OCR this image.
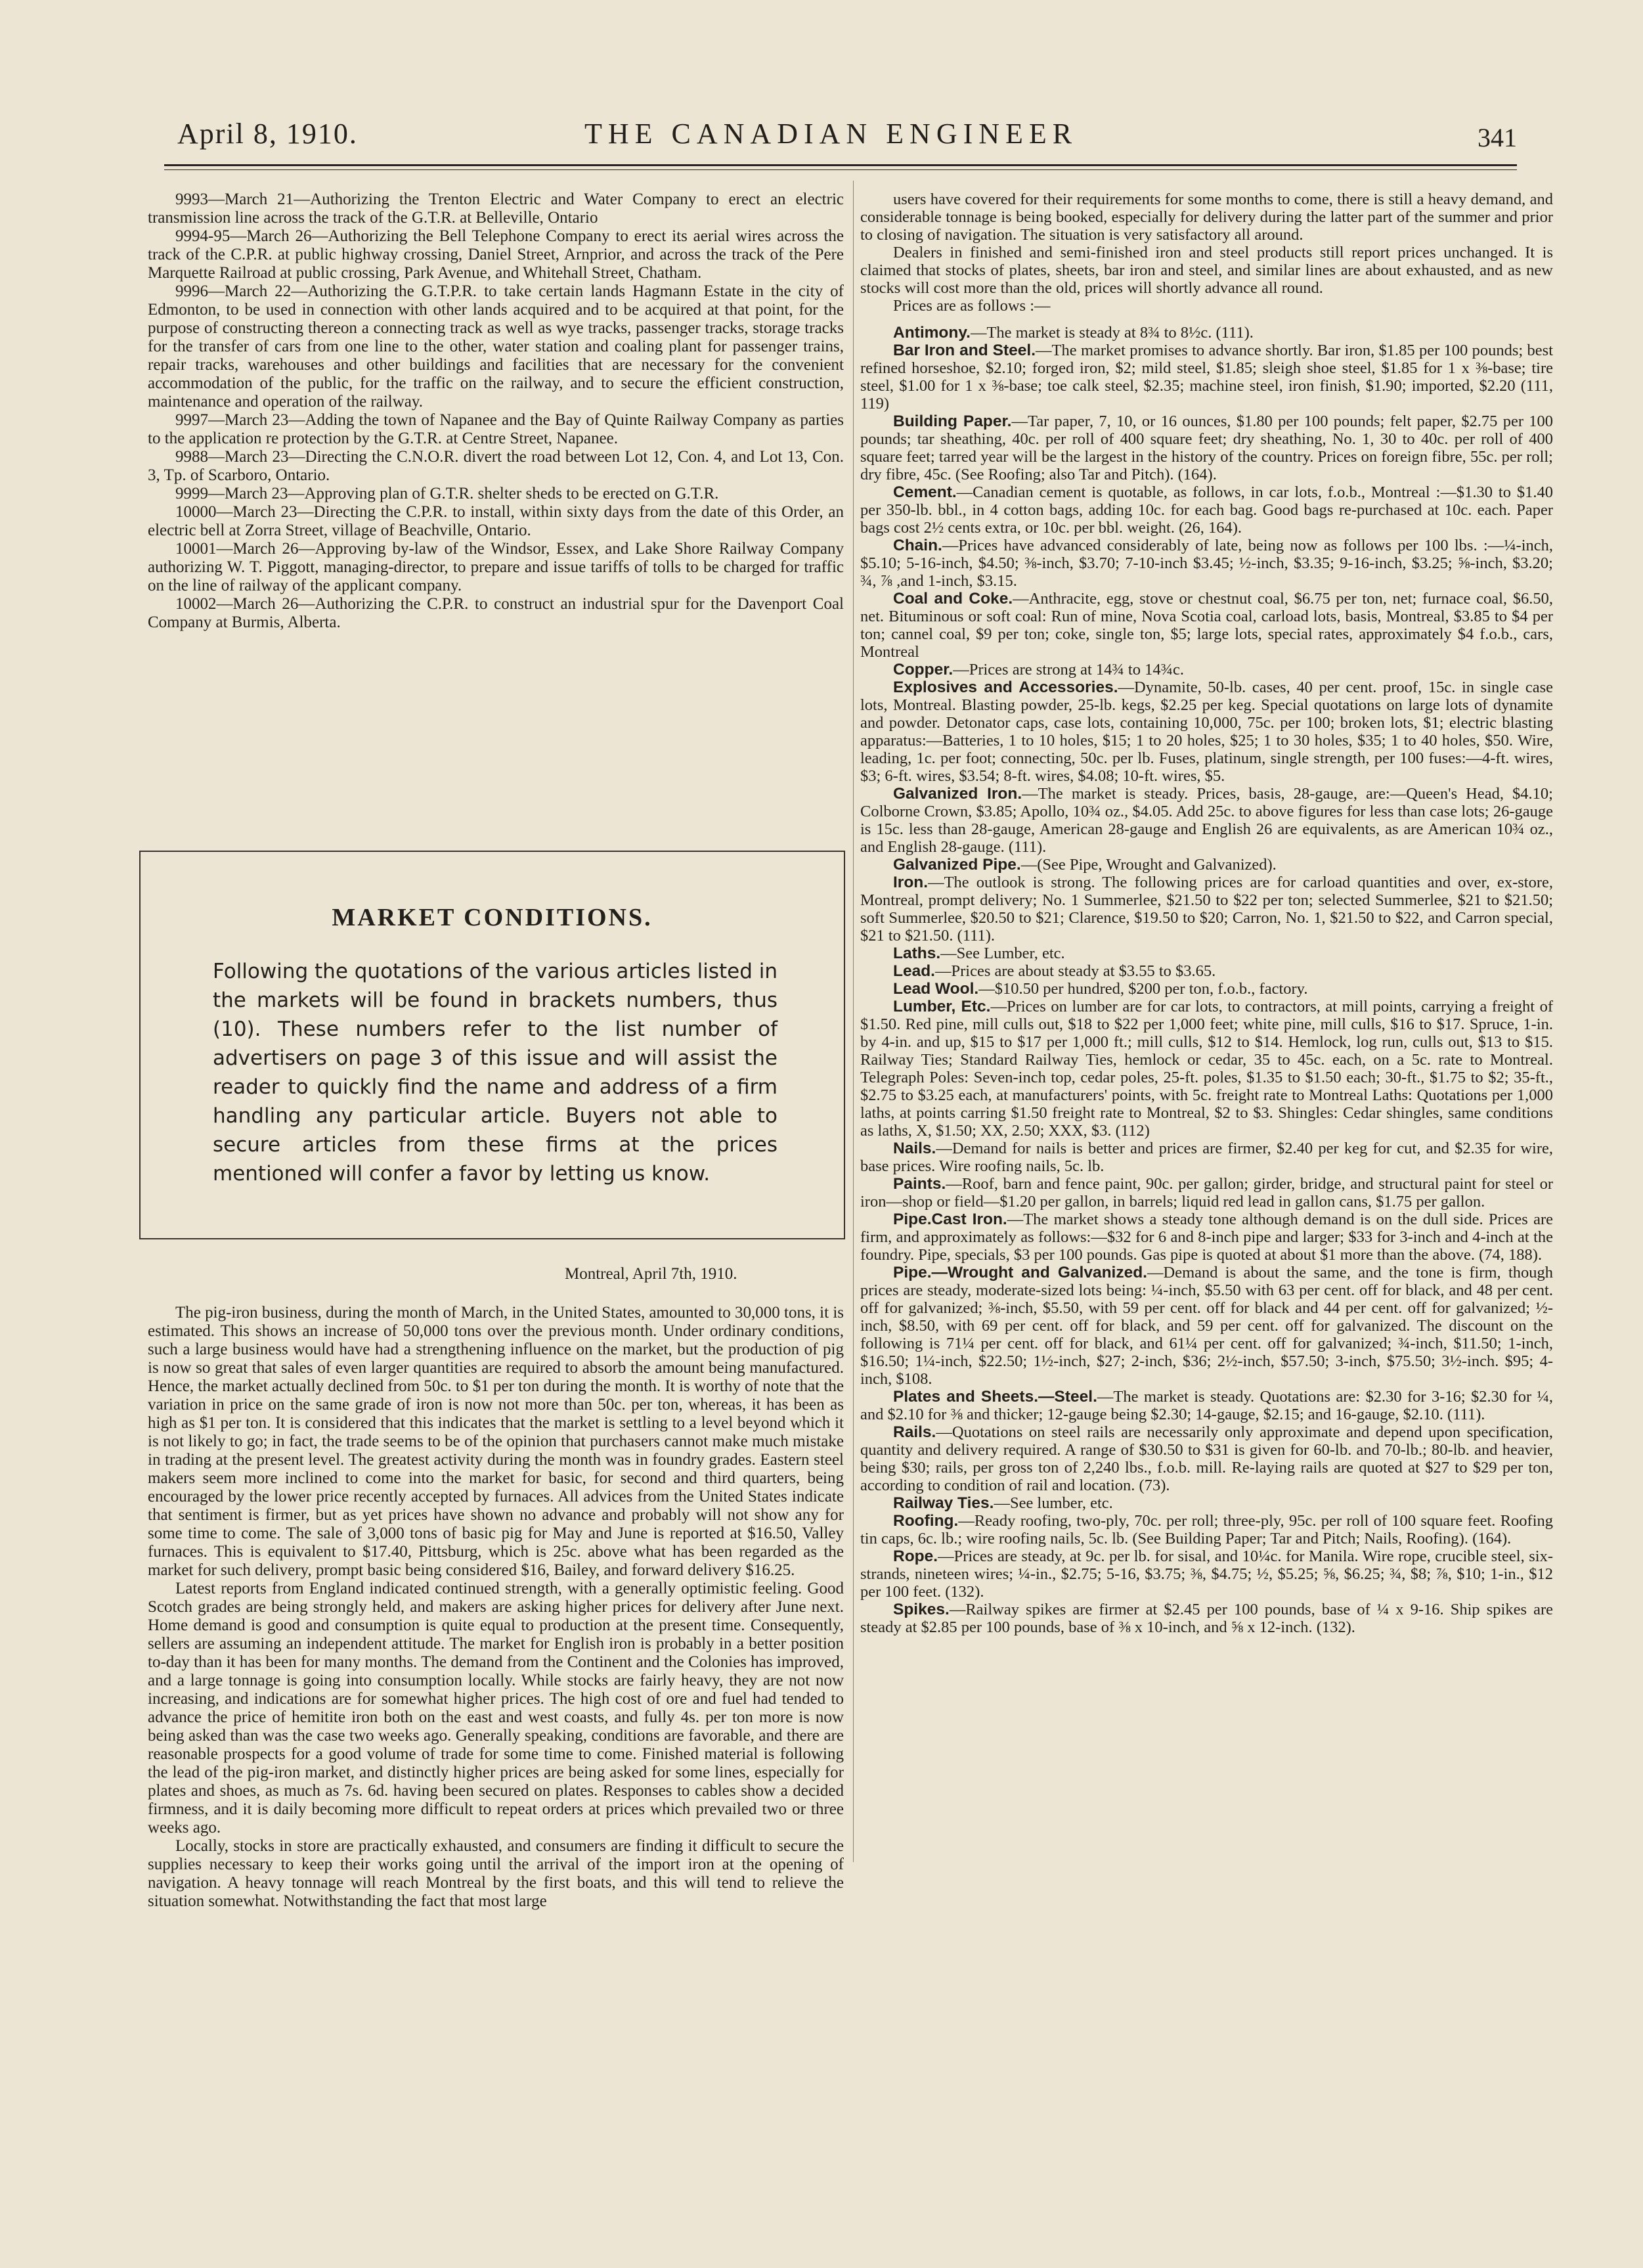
April 8, 1910.	THE CANADIAN ENGINEER	341

9993—March 21—Authorizing the Trenton Electric and Water Company to erect an electric transmission line across the track of the G.T.R. at Belleville, Ontario

9994-95—March 26—Authorizing the Bell Telephone Company to erect its aerial wires across the track of the C.P.R. at public highway crossing, Daniel Street, Arnprior, and across the track of the Pere Marquette Railroad at public crossing, Park Avenue, and Whitehall Street, Chatham.

9996—March 22—Authorizing the G.T.P.R. to take certain lands Hagmann Estate in the city of Edmonton, to be used in connection with other lands acquired and to be acquired at that point, for the purpose of constructing thereon a connecting track as well as wye tracks, passenger tracks, storage tracks for the transfer of cars from one line to the other, water station and coaling plant for passenger trains, repair tracks, warehouses and other buildings and facilities that are necessary for the convenient accommodation of the public, for the traffic on the railway, and to secure the efficient construction, maintenance and operation of the railway.

9997—March 23—Adding the town of Napanee and the Bay of Quinte Railway Company as parties to the application re protection by the G.T.R. at Centre Street, Napanee.

9988—March 23—Directing the C.N.O.R. divert the road between Lot 12, Con. 4, and Lot 13, Con. 3, Tp. of Scarboro, Ontario.

9999—March 23—Approving plan of G.T.R. shelter sheds to be erected on G.T.R.

10000—March 23—Directing the C.P.R. to install, within sixty days from the date of this Order, an electric bell at Zorra Street, village of Beachville, Ontario.

10001—March 26—Approving by-law of the Windsor, Essex, and Lake Shore Railway Company authorizing W. T. Piggott, managing-director, to prepare and issue tariffs of tolls to be charged for traffic on the line of railway of the applicant company.

10002—March 26—Authorizing the C.P.R. to construct an industrial spur for the Davenport Coal Company at Burmis, Alberta.

MARKET CONDITIONS.
Following the quotations of the various articles listed in the markets will be found in brackets numbers, thus (10). These numbers refer to the list number of advertisers on page 3 of this issue and will assist the reader to quickly find the name and address of a firm handling any particular article. Buyers not able to secure articles from these firms at the prices mentioned will confer a favor by letting us know.
Montreal, April 7th, 1910.

The pig-iron business, during the month of March, in the United States, amounted to 30,000 tons, it is estimated. This shows an increase of 50,000 tons over the previous month. Under ordinary conditions, such a large business would have had a strengthening influence on the market, but the production of pig is now so great that sales of even larger quantities are required to absorb the amount being manufactured. Hence, the market actually declined from 50c. to $1 per ton during the month. It is worthy of note that the variation in price on the same grade of iron is now not more than 50c. per ton, whereas, it has been as high as $1 per ton. It is considered that this indicates that the market is settling to a level beyond which it is not likely to go; in fact, the trade seems to be of the opinion that purchasers cannot make much mistake in trading at the present level. The greatest activity during the month was in foundry grades. Eastern steel makers seem more inclined to come into the market for basic, for second and third quarters, being encouraged by the lower price recently accepted by furnaces. All advices from the United States indicate that sentiment is firmer, but as yet prices have shown no advance and probably will not show any for some time to come. The sale of 3,000 tons of basic pig for May and June is reported at $16.50, Valley furnaces. This is equivalent to $17.40, Pittsburg, which is 25c. above what has been regarded as the market for such delivery, prompt basic being considered $16, Bailey, and forward delivery $16.25.

Latest reports from England indicated continued strength, with a generally optimistic feeling. Good Scotch grades are being strongly held, and makers are asking higher prices for delivery after June next. Home demand is good and consumption is quite equal to production at the present time. Consequently, sellers are assuming an independent attitude. The market for English iron is probably in a better position to-day than it has been for many months. The demand from the Continent and the Colonies has improved, and a large tonnage is going into consumption locally. While stocks are fairly heavy, they are not now increasing, and indications are for somewhat higher prices. The high cost of ore and fuel had tended to advance the price of hemitite iron both on the east and west coasts, and fully 4s. per ton more is now being asked than was the case two weeks ago. Generally speaking, conditions are favorable, and there are reasonable prospects for a good volume of trade for some time to come. Finished material is following the lead of the pig-iron market, and distinctly higher prices are being asked for some lines, especially for plates and shoes, as much as 7s. 6d. having been secured on plates. Responses to cables show a decided firmness, and it is daily becoming more difficult to repeat orders at prices which prevailed two or three weeks ago.

Locally, stocks in store are practically exhausted, and consumers are finding it difficult to secure the supplies necessary to keep their works going until the arrival of the import iron at the opening of navigation. A heavy tonnage will reach Montreal by the first boats, and this will tend to relieve the situation somewhat. Notwithstanding the fact that most large

users have covered for their requirements for some months to come, there is still a heavy demand, and considerable tonnage is being booked, especially for delivery during the latter part of the summer and prior to closing of navigation. The situation is very satisfactory all around.

Dealers in finished and semi-finished iron and steel products still report prices unchanged. It is claimed that stocks of plates, sheets, bar iron and steel, and similar lines are about exhausted, and as new stocks will cost more than the old, prices will shortly advance all round.

Prices are as follows :—

Antimony.—The market is steady at 8¾ to 8½c. (111).

Bar Iron and Steel.—The market promises to advance shortly. Bar iron, $1.85 per 100 pounds; best refined horseshoe, $2.10; forged iron, $2; mild steel, $1.85; sleigh shoe steel, $1.85 for 1 x ⅜-base; tire steel, $1.00 for 1 x ⅜-base; toe calk steel, $2.35; machine steel, iron finish, $1.90; imported, $2.20 (111, 119)

Building Paper.—Tar paper, 7, 10, or 16 ounces, $1.80 per 100 pounds; felt paper, $2.75 per 100 pounds; tar sheathing, 40c. per roll of 400 square feet; dry sheathing, No. 1, 30 to 40c. per roll of 400 square feet; tarred year will be the largest in the history of the country. Prices on foreign fibre, 55c. per roll; dry fibre, 45c. (See Roofing; also Tar and Pitch). (164).

Cement.—Canadian cement is quotable, as follows, in car lots, f.o.b., Montreal :—$1.30 to $1.40 per 350-lb. bbl., in 4 cotton bags, adding 10c. for each bag. Good bags re-purchased at 10c. each. Paper bags cost 2½ cents extra, or 10c. per bbl. weight. (26, 164).

Chain.—Prices have advanced considerably of late, being now as follows per 100 lbs. :—¼-inch, $5.10; 5-16-inch, $4.50; ⅜-inch, $3.70; 7-10-inch $3.45; ½-inch, $3.35; 9-16-inch, $3.25; ⅝-inch, $3.20; ¾, ⅞ ,and 1-inch, $3.15.

Coal and Coke.—Anthracite, egg, stove or chestnut coal, $6.75 per ton, net; furnace coal, $6.50, net. Bituminous or soft coal: Run of mine, Nova Scotia coal, carload lots, basis, Montreal, $3.85 to $4 per ton; cannel coal, $9 per ton; coke, single ton, $5; large lots, special rates, approximately $4 f.o.b., cars, Montreal

Copper.—Prices are strong at 14¾ to 14¾c.

Explosives and Accessories.—Dynamite, 50-lb. cases, 40 per cent. proof, 15c. in single case lots, Montreal. Blasting powder, 25-lb. kegs, $2.25 per keg. Special quotations on large lots of dynamite and powder. Detonator caps, case lots, containing 10,000, 75c. per 100; broken lots, $1; electric blasting apparatus:—Batteries, 1 to 10 holes, $15; 1 to 20 holes, $25; 1 to 30 holes, $35; 1 to 40 holes, $50. Wire, leading, 1c. per foot; connecting, 50c. per lb. Fuses, platinum, single strength, per 100 fuses:—4-ft. wires, $3; 6-ft. wires, $3.54; 8-ft. wires, $4.08; 10-ft. wires, $5.

Galvanized Iron.—The market is steady. Prices, basis, 28-gauge, are:—Queen's Head, $4.10; Colborne Crown, $3.85; Apollo, 10¾ oz., $4.05. Add 25c. to above figures for less than case lots; 26-gauge is 15c. less than 28-gauge, American 28-gauge and English 26 are equivalents, as are American 10¾ oz., and English 28-gauge. (111).

Galvanized Pipe.—(See Pipe, Wrought and Galvanized).

Iron.—The outlook is strong. The following prices are for carload quantities and over, ex-store, Montreal, prompt delivery; No. 1 Summerlee, $21.50 to $22 per ton; selected Summerlee, $21 to $21.50; soft Summerlee, $20.50 to $21; Clarence, $19.50 to $20; Carron, No. 1, $21.50 to $22, and Carron special, $21 to $21.50. (111).

Laths.—See Lumber, etc.

Lead.—Prices are about steady at $3.55 to $3.65.

Lead Wool.—$10.50 per hundred, $200 per ton, f.o.b., factory.

Lumber, Etc.—Prices on lumber are for car lots, to contractors, at mill points, carrying a freight of $1.50. Red pine, mill culls out, $18 to $22 per 1,000 feet; white pine, mill culls, $16 to $17. Spruce, 1-in. by 4-in. and up, $15 to $17 per 1,000 ft.; mill culls, $12 to $14. Hemlock, log run, culls out, $13 to $15. Railway Ties; Standard Railway Ties, hemlock or cedar, 35 to 45c. each, on a 5c. rate to Montreal. Telegraph Poles: Seven-inch top, cedar poles, 25-ft. poles, $1.35 to $1.50 each; 30-ft., $1.75 to $2; 35-ft., $2.75 to $3.25 each, at manufacturers' points, with 5c. freight rate to Montreal Laths: Quotations per 1,000 laths, at points carring $1.50 freight rate to Montreal, $2 to $3. Shingles: Cedar shingles, same conditions as laths, X, $1.50; XX, 2.50; XXX, $3. (112)

Nails.—Demand for nails is better and prices are firmer, $2.40 per keg for cut, and $2.35 for wire, base prices. Wire roofing nails, 5c. lb.

Paints.—Roof, barn and fence paint, 90c. per gallon; girder, bridge, and structural paint for steel or iron—shop or field—$1.20 per gallon, in barrels; liquid red lead in gallon cans, $1.75 per gallon.

Pipe.Cast Iron.—The market shows a steady tone although demand is on the dull side. Prices are firm, and approximately as follows:—$32 for 6 and 8-inch pipe and larger; $33 for 3-inch and 4-inch at the foundry. Pipe, specials, $3 per 100 pounds. Gas pipe is quoted at about $1 more than the above. (74, 188).

Pipe.—Wrought and Galvanized.—Demand is about the same, and the tone is firm, though prices are steady, moderate-sized lots being: ¼-inch, $5.50 with 63 per cent. off for black, and 48 per cent. off for galvanized; ⅜-inch, $5.50, with 59 per cent. off for black and 44 per cent. off for galvanized; ½-inch, $8.50, with 69 per cent. off for black, and 59 per cent. off for galvanized. The discount on the following is 71¼ per cent. off for black, and 61¼ per cent. off for galvanized; ¾-inch, $11.50; 1-inch, $16.50; 1¼-inch, $22.50; 1½-inch, $27; 2-inch, $36; 2½-inch, $57.50; 3-inch, $75.50; 3½-inch. $95; 4-inch, $108.

Plates and Sheets.—Steel.—The market is steady. Quotations are: $2.30 for 3-16; $2.30 for ¼, and $2.10 for ⅜ and thicker; 12-gauge being $2.30; 14-gauge, $2.15; and 16-gauge, $2.10. (111).

Rails.—Quotations on steel rails are necessarily only approximate and depend upon specification, quantity and delivery required. A range of $30.50 to $31 is given for 60-lb. and 70-lb.; 80-lb. and heavier, being $30; rails, per gross ton of 2,240 lbs., f.o.b. mill. Re-laying rails are quoted at $27 to $29 per ton, according to condition of rail and location. (73).

Railway Ties.—See lumber, etc.

Roofing.—Ready roofing, two-ply, 70c. per roll; three-ply, 95c. per roll of 100 square feet. Roofing tin caps, 6c. lb.; wire roofing nails, 5c. lb. (See Building Paper; Tar and Pitch; Nails, Roofing). (164).

Rope.—Prices are steady, at 9c. per lb. for sisal, and 10¼c. for Manila. Wire rope, crucible steel, six-strands, nineteen wires; ¼-in., $2.75; 5-16, $3.75; ⅜, $4.75; ½, $5.25; ⅝, $6.25; ¾, $8; ⅞, $10; 1-in., $12 per 100 feet. (132).

Spikes.—Railway spikes are firmer at $2.45 per 100 pounds, base of ¼ x 9-16. Ship spikes are steady at $2.85 per 100 pounds, base of ⅜ x 10-inch, and ⅝ x 12-inch. (132).
